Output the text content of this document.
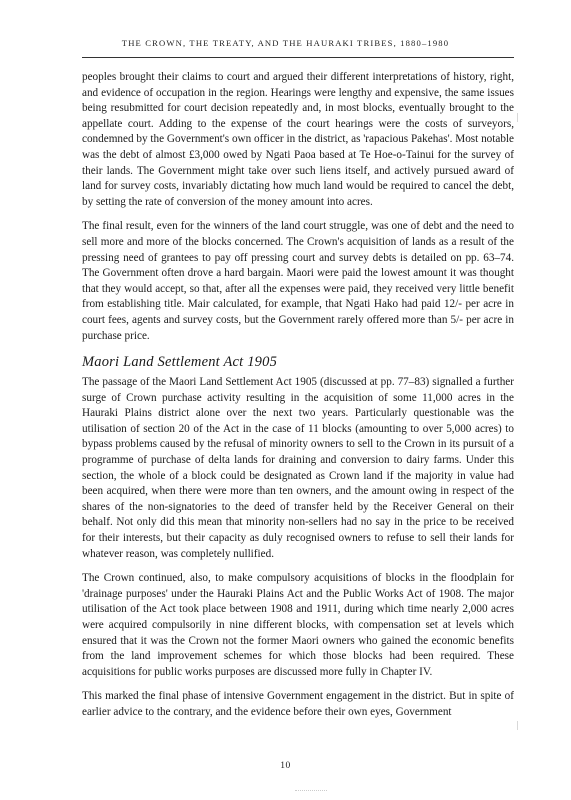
THE CROWN, THE TREATY, AND THE HAURAKI TRIBES, 1880–1980

peoples brought their claims to court and argued their different interpretations of history, right, and evidence of occupation in the region. Hearings were lengthy and expensive, the same issues being resubmitted for court decision repeatedly and, in most blocks, eventually brought to the appellate court. Adding to the expense of the court hearings were the costs of surveyors, condemned by the Government's own officer in the district, as 'rapacious Pakehas'. Most notable was the debt of almost £3,000 owed by Ngati Paoa based at Te Hoe-o-Tainui for the survey of their lands. The Government might take over such liens itself, and actively pursued award of land for survey costs, invariably dictating how much land would be required to cancel the debt, by setting the rate of conversion of the money amount into acres.

The final result, even for the winners of the land court struggle, was one of debt and the need to sell more and more of the blocks concerned. The Crown's acquisition of lands as a result of the pressing need of grantees to pay off pressing court and survey debts is detailed on pp. 63–74. The Government often drove a hard bargain. Maori were paid the lowest amount it was thought that they would accept, so that, after all the expenses were paid, they received very little benefit from establishing title. Mair calculated, for example, that Ngati Hako had paid 12/- per acre in court fees, agents and survey costs, but the Government rarely offered more than 5/- per acre in purchase price.

Maori Land Settlement Act 1905

The passage of the Maori Land Settlement Act 1905 (discussed at pp. 77–83) signalled a further surge of Crown purchase activity resulting in the acquisition of some 11,000 acres in the Hauraki Plains district alone over the next two years. Particularly questionable was the utilisation of section 20 of the Act in the case of 11 blocks (amounting to over 5,000 acres) to bypass problems caused by the refusal of minority owners to sell to the Crown in its pursuit of a programme of purchase of delta lands for draining and conversion to dairy farms. Under this section, the whole of a block could be designated as Crown land if the majority in value had been acquired, when there were more than ten owners, and the amount owing in respect of the shares of the non-signatories to the deed of transfer held by the Receiver General on their behalf. Not only did this mean that minority non-sellers had no say in the price to be received for their interests, but their capacity as duly recognised owners to refuse to sell their lands for whatever reason, was completely nullified.

The Crown continued, also, to make compulsory acquisitions of blocks in the floodplain for 'drainage purposes' under the Hauraki Plains Act and the Public Works Act of 1908. The major utilisation of the Act took place between 1908 and 1911, during which time nearly 2,000 acres were acquired compulsorily in nine different blocks, with compensation set at levels which ensured that it was the Crown not the former Maori owners who gained the economic benefits from the land improvement schemes for which those blocks had been required. These acquisitions for public works purposes are discussed more fully in Chapter IV.

This marked the final phase of intensive Government engagement in the district. But in spite of earlier advice to the contrary, and the evidence before their own eyes, Government

10
